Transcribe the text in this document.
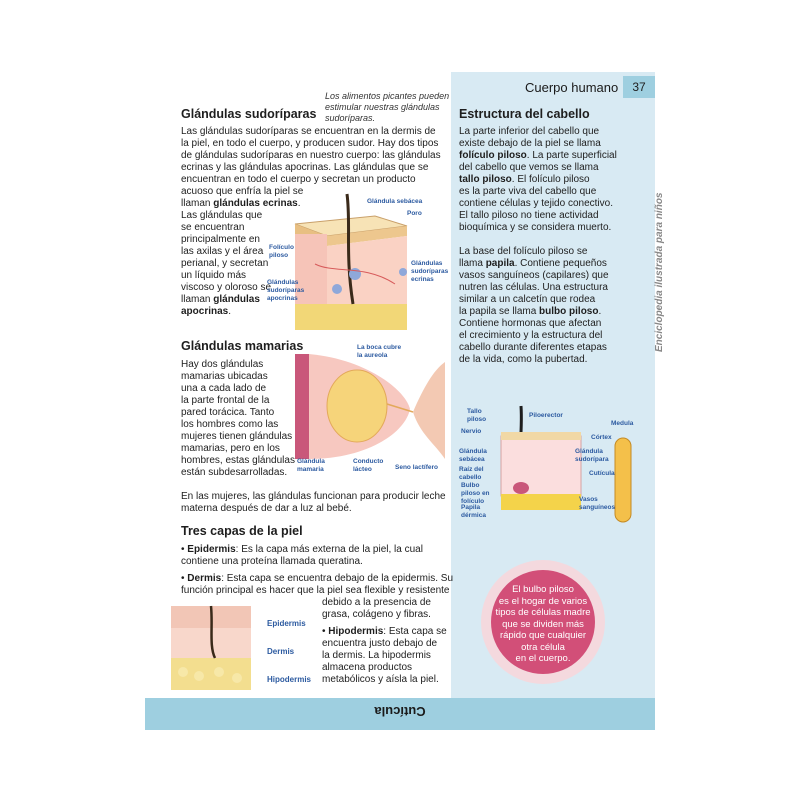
Cuerpo humano	37
Enciclopedia ilustrada para niños
Los alimentos picantes pueden
estimular nuestras glándulas
sudoríparas.
Glándulas sudoríparas
Las glándulas sudoríparas se encuentran en la dermis de
la piel, en todo el cuerpo, y producen sudor. Hay dos tipos
de glándulas sudoríparas en nuestro cuerpo: las glándulas
ecrinas y las glándulas apocrinas. Las glándulas que se
encuentran en todo el cuerpo y secretan un producto
acuoso que enfría la piel se
llaman glándulas ecrinas.
Las glándulas que
se encuentran
principalmente en
las axilas y el área
perianal, y secretan
un líquido más
viscoso y oloroso se
llaman glándulas
apocrinas.
Glándula sebácea
Poro
Folículo
piloso
Glándulas
sudoríparas
ecrinas
Glándulas
sudoríparas
apocrinas
Glándulas mamarias
Hay dos glándulas
mamarias ubicadas
una a cada lado de
la parte frontal de la
pared torácica. Tanto
los hombres como las
mujeres tienen glándulas
mamarias, pero en los
hombres, estas glándulas
están subdesarrolladas.
En las mujeres, las glándulas funcionan para producir leche
materna después de dar a luz al bebé.
La boca cubre
la aureola
Glándula
mamaria
Conducto
lácteo	Seno lactífero
Tres capas de la piel
• Epidermis: Es la capa más externa de la piel, la cual
contiene una proteína llamada queratina.
• Dermis: Esta capa se encuentra debajo de la epidermis. Su
función principal es hacer que la piel sea flexible y resistente
debido a la presencia de
grasa, colágeno y fibras.
• Hipodermis: Esta capa se
encuentra justo debajo de
la dermis. La hipodermis
almacena productos
metabólicos y aísla la piel.
Epidermis
Dermis
Hipodermis
Estructura del cabello
La parte inferior del cabello que
existe debajo de la piel se llama
folículo piloso. La parte superficial
del cabello que vemos se llama
tallo piloso. El folículo piloso
es la parte viva del cabello que
contiene células y tejido conectivo.
El tallo piloso no tiene actividad
bioquímica y se considera muerto.
La base del folículo piloso se
llama papila. Contiene pequeños
vasos sanguíneos (capilares) que
nutren las células. Una estructura
similar a un calcetín que rodea
la papila se llama bulbo piloso.
Contiene hormonas que afectan
el crecimiento y la estructura del
cabello durante diferentes etapas
de la vida, como la pubertad.
Tallo
piloso
Piloerector
Nervio
Glándula
sebácea
Raíz del
cabello
Bulbo
piloso en
folículo
Papila
dérmica
Glándula
sudorípara
Vasos
sanguíneos
Medula
Córtex
Cutícula
El bulbo piloso
es el hogar de varios
tipos de células madre
que se dividen más
rápido que cualquier
otra célula
en el cuerpo.
Cutícula
